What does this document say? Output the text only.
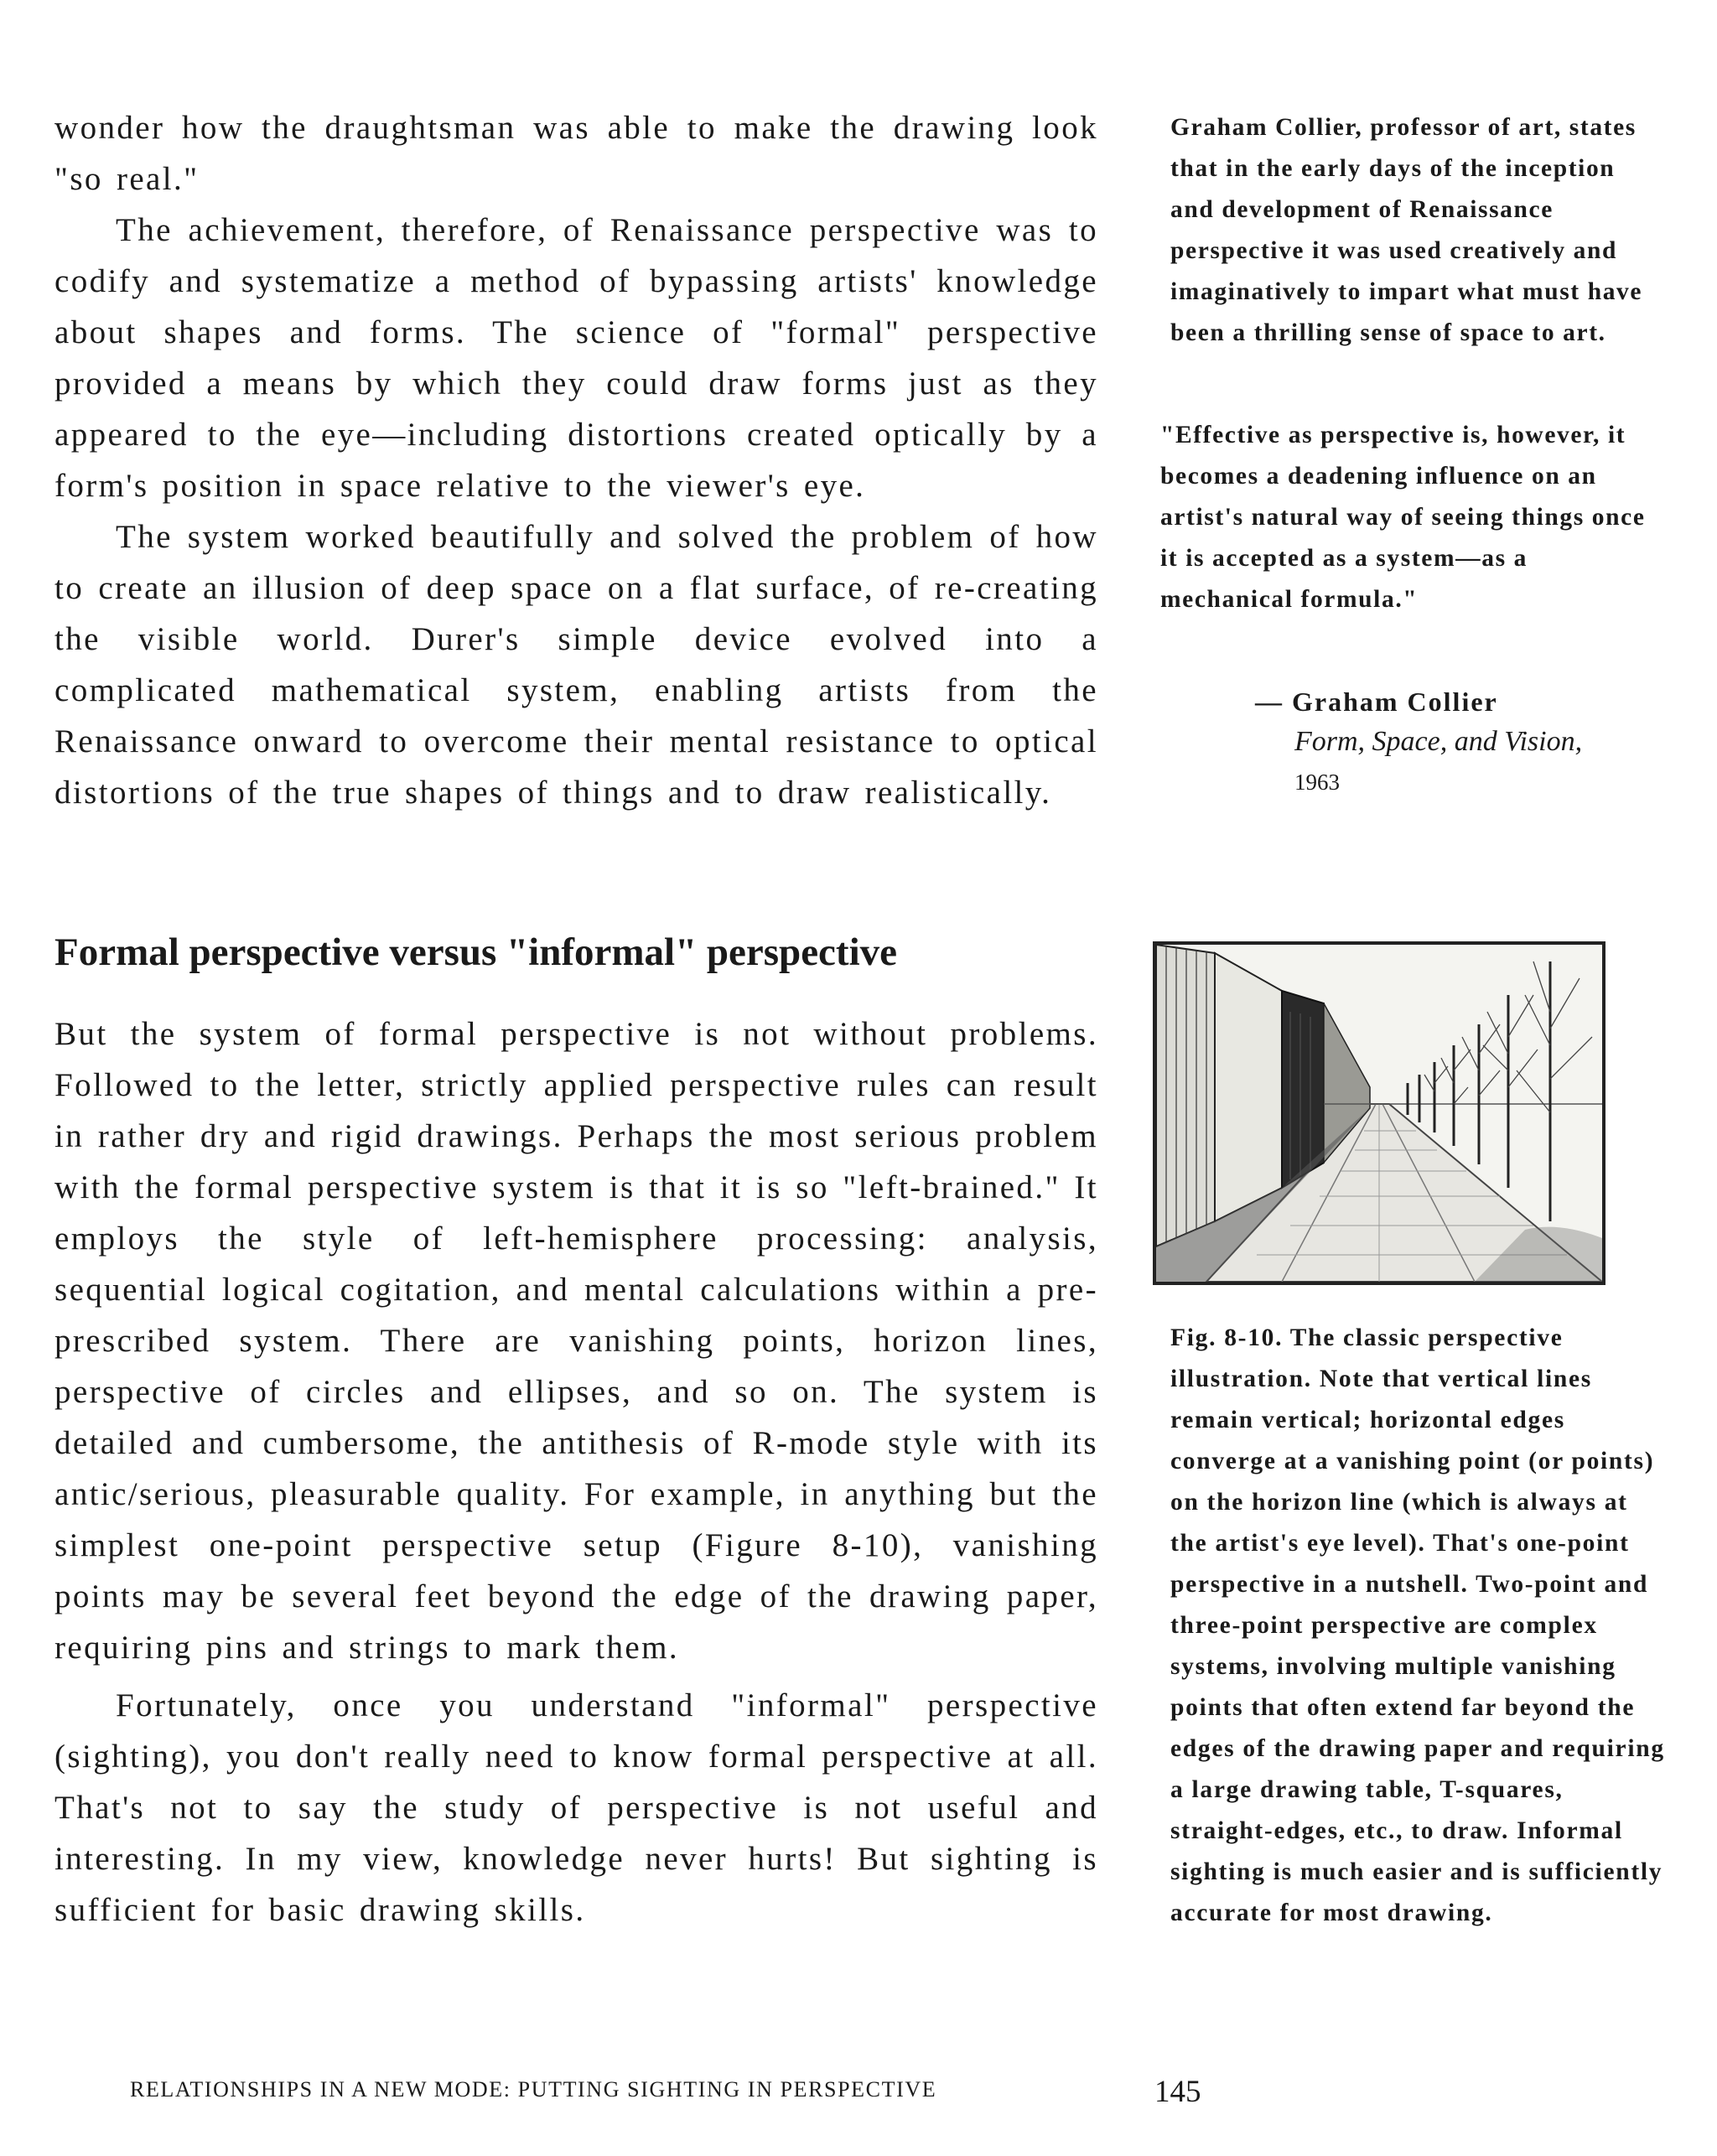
wonder how the draughtsman was able to make the drawing look "so real."

The achievement, therefore, of Renaissance perspective was to codify and systematize a method of bypassing artists' knowledge about shapes and forms. The science of "formal" perspective provided a means by which they could draw forms just as they appeared to the eye—including distortions created optically by a form's position in space relative to the viewer's eye.

The system worked beautifully and solved the problem of how to create an illusion of deep space on a flat surface, of re-creating the visible world. Durer's simple device evolved into a complicated mathematical system, enabling artists from the Renaissance onward to overcome their mental resistance to optical distortions of the true shapes of things and to draw realistically.

Formal perspective versus "informal" perspective

But the system of formal perspective is not without problems. Followed to the letter, strictly applied perspective rules can result in rather dry and rigid drawings. Perhaps the most serious problem with the formal perspective system is that it is so "left-brained." It employs the style of left-hemisphere processing: analysis, sequential logical cogitation, and mental calculations within a pre-prescribed system. There are vanishing points, horizon lines, perspective of circles and ellipses, and so on. The system is detailed and cumbersome, the antithesis of R-mode style with its antic/serious, pleasurable quality. For example, in anything but the simplest one-point perspective setup (Figure 8-10), vanishing points may be several feet beyond the edge of the drawing paper, requiring pins and strings to mark them.

Fortunately, once you understand "informal" perspective (sighting), you don't really need to know formal perspective at all. That's not to say the study of perspective is not useful and interesting. In my view, knowledge never hurts! But sighting is sufficient for basic drawing skills.

Graham Collier, professor of art, states that in the early days of the inception and development of Renaissance perspective it was used creatively and imaginatively to impart what must have been a thrilling sense of space to art.

"Effective as perspective is, however, it becomes a deadening influence on an artist's natural way of seeing things once it is accepted as a system—as a mechanical formula."

— Graham Collier
Form, Space, and Vision,
1963

Fig. 8-10. The classic perspective illustration. Note that vertical lines remain vertical; horizontal edges converge at a vanishing point (or points) on the horizon line (which is always at the artist's eye level). That's one-point perspective in a nutshell. Two-point and three-point perspective are complex systems, involving multiple vanishing points that often extend far beyond the edges of the drawing paper and requiring a large drawing table, T-squares, straight-edges, etc., to draw. Informal sighting is much easier and is sufficiently accurate for most drawing.

RELATIONSHIPS IN A NEW MODE: PUTTING SIGHTING IN PERSPECTIVE	145
